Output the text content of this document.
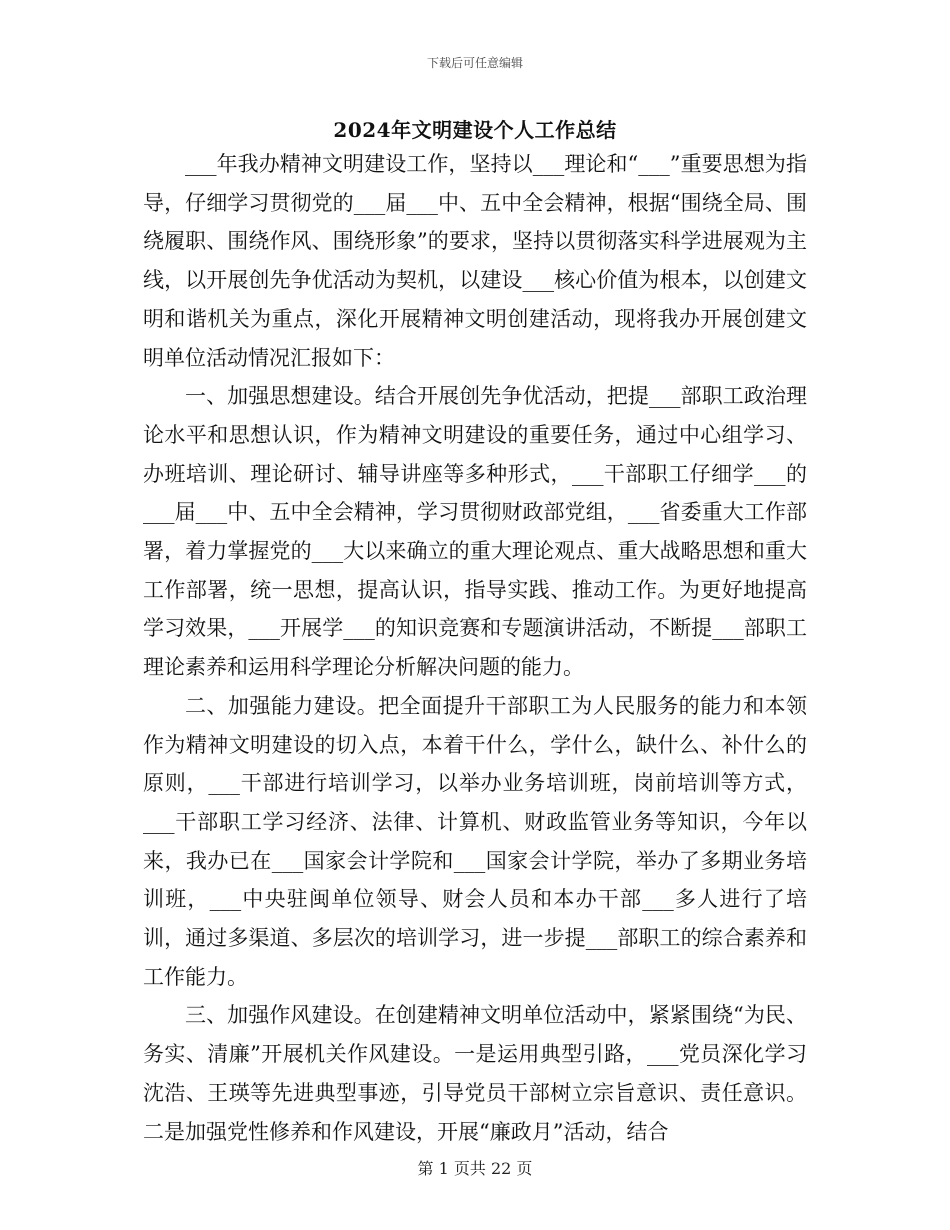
下载后可任意编辑
2024年文明建设个人工作总结

___年我办精神文明建设工作，坚持以___理论和“___”重要思想为指导，仔细学习贯彻党的___届___中、五中全会精神，根据“围绕全局、围绕履职、围绕作风、围绕形象”的要求，坚持以贯彻落实科学进展观为主线，以开展创先争优活动为契机，以建设___核心价值为根本，以创建文明和谐机关为重点，深化开展精神文明创建活动，现将我办开展创建文明单位活动情况汇报如下：

一、加强思想建设。结合开展创先争优活动，把提___部职工政治理论水平和思想认识，作为精神文明建设的重要任务，通过中心组学习、办班培训、理论研讨、辅导讲座等多种形式，___干部职工仔细学___的___届___中、五中全会精神，学习贯彻财政部党组，___省委重大工作部署，着力掌握党的___大以来确立的重大理论观点、重大战略思想和重大工作部署，统一思想，提高认识，指导实践、推动工作。为更好地提高学习效果，___开展学___的知识竞赛和专题演讲活动，不断提___部职工理论素养和运用科学理论分析解决问题的能力。

二、加强能力建设。把全面提升干部职工为人民服务的能力和本领作为精神文明建设的切入点，本着干什么，学什么，缺什么、补什么的原则，___干部进行培训学习，以举办业务培训班，岗前培训等方式，___干部职工学习经济、法律、计算机、财政监管业务等知识，今年以来，我办已在___国家会计学院和___国家会计学院，举办了多期业务培训班，___中央驻闽单位领导、财会人员和本办干部___多人进行了培训，通过多渠道、多层次的培训学习，进一步提___部职工的综合素养和工作能力。

三、加强作风建设。在创建精神文明单位活动中，紧紧围绕“为民、务实、清廉”开展机关作风建设。一是运用典型引路，___党员深化学习沈浩、王瑛等先进典型事迹，引导党员干部树立宗旨意识、责任意识。二是加强党性修养和作风建设，开展“廉政月”活动，结合

第 1 页共 22 页
